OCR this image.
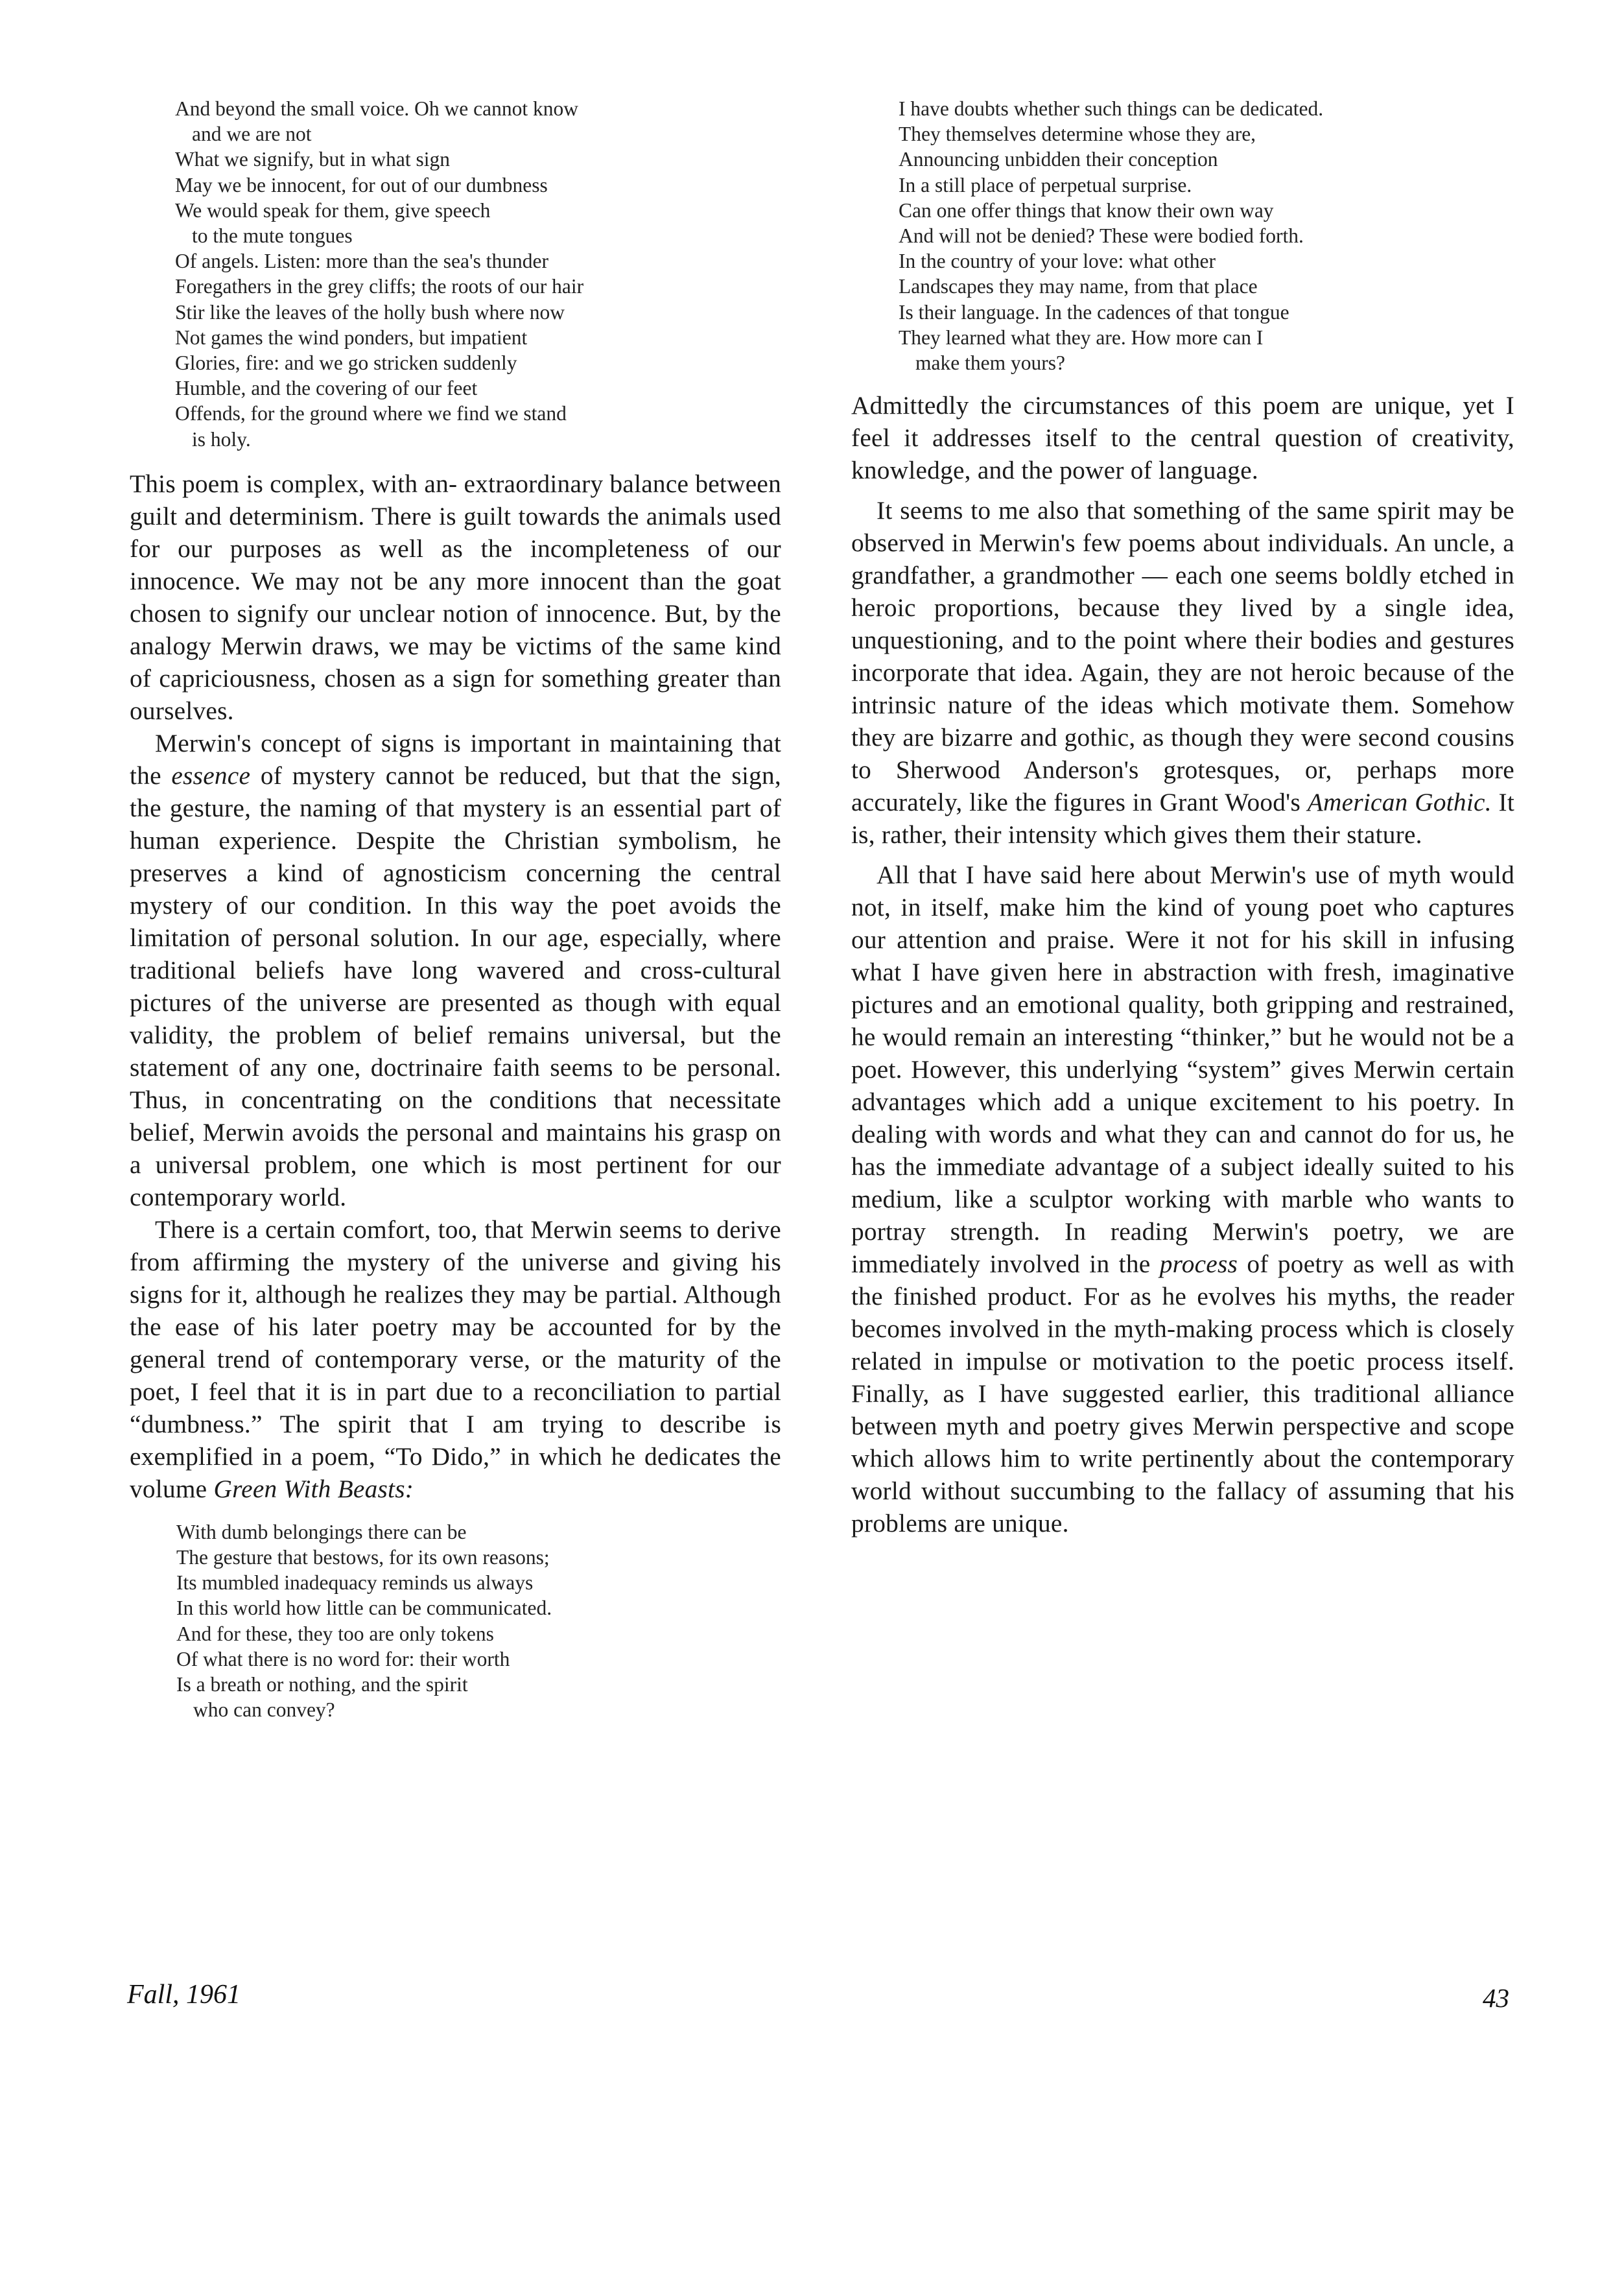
And beyond the small voice. Oh we cannot know
and we are not
What we signify, but in what sign
May we be innocent, for out of our dumbness
We would speak for them, give speech
to the mute tongues
Of angels. Listen: more than the sea's thunder
Foregathers in the grey cliffs; the roots of our hair
Stir like the leaves of the holly bush where now
Not games the wind ponders, but impatient
Glories, fire: and we go stricken suddenly
Humble, and the covering of our feet
Offends, for the ground where we find we stand
is holy.

This poem is complex, with an‐ extraordinary balance between guilt and determinism. There is guilt towards the animals used for our purposes as well as the incompleteness of our innocence. We may not be any more innocent than the goat chosen to signify our unclear notion of innocence. But, by the analogy Merwin draws, we may be victims of the same kind of capriciousness, chosen as a sign for something greater than ourselves.

Merwin's concept of signs is important in maintaining that the essence of mystery cannot be reduced, but that the sign, the gesture, the naming of that mystery is an essential part of human experience. Despite the Christian symbolism, he preserves a kind of agnosticism concerning the central mystery of our condition. In this way the poet avoids the limitation of personal solution. In our age, especially, where traditional beliefs have long wavered and cross-cultural pictures of the universe are presented as though with equal validity, the problem of belief remains universal, but the statement of any one, doctrinaire faith seems to be personal. Thus, in concentrating on the conditions that necessitate belief, Merwin avoids the personal and maintains his grasp on a universal problem, one which is most pertinent for our contemporary world.

There is a certain comfort, too, that Merwin seems to derive from affirming the mystery of the universe and giving his signs for it, although he realizes they may be partial. Although the ease of his later poetry may be accounted for by the general trend of contemporary verse, or the maturity of the poet, I feel that it is in part due to a reconciliation to partial “dumbness.” The spirit that I am trying to describe is exemplified in a poem, “To Dido,” in which he dedicates the volume Green With Beasts:

With dumb belongings there can be
The gesture that bestows, for its own reasons;
Its mumbled inadequacy reminds us always
In this world how little can be communicated.
And for these, they too are only tokens
Of what there is no word for: their worth
Is a breath or nothing, and the spirit
who can convey?
I have doubts whether such things can be dedicated.
They themselves determine whose they are,
Announcing unbidden their conception
In a still place of perpetual surprise.
Can one offer things that know their own way
And will not be denied? These were bodied forth.
In the country of your love: what other
Landscapes they may name, from that place
Is their language. In the cadences of that tongue
They learned what they are. How more can I
make them yours?

Admittedly the circumstances of this poem are unique, yet I feel it addresses itself to the central question of creativity, knowledge, and the power of language.

It seems to me also that something of the same spirit may be observed in Merwin's few poems about individuals. An uncle, a grandfather, a grandmother — each one seems boldly etched in heroic proportions, because they lived by a single idea, unquestioning, and to the point where their bodies and gestures incorporate that idea. Again, they are not heroic because of the intrinsic nature of the ideas which motivate them. Somehow they are bizarre and gothic, as though they were second cousins to Sherwood Anderson's grotesques, or, perhaps more accurately, like the figures in Grant Wood's American Gothic. It is, rather, their intensity which gives them their stature.

All that I have said here about Merwin's use of myth would not, in itself, make him the kind of young poet who captures our attention and praise. Were it not for his skill in infusing what I have given here in abstraction with fresh, imaginative pictures and an emotional quality, both gripping and restrained, he would remain an interesting “thinker,” but he would not be a poet. However, this underlying “system” gives Merwin certain advantages which add a unique excitement to his poetry. In dealing with words and what they can and cannot do for us, he has the immediate advantage of a subject ideally suited to his medium, like a sculptor working with marble who wants to portray strength. In reading Merwin's poetry, we are immediately involved in the process of poetry as well as with the finished product. For as he evolves his myths, the reader becomes involved in the myth-making process which is closely related in impulse or motivation to the poetic process itself. Finally, as I have suggested earlier, this traditional alliance between myth and poetry gives Merwin perspective and scope which allows him to write pertinently about the contemporary world without succumbing to the fallacy of assuming that his problems are unique.

Fall, 1961	43
